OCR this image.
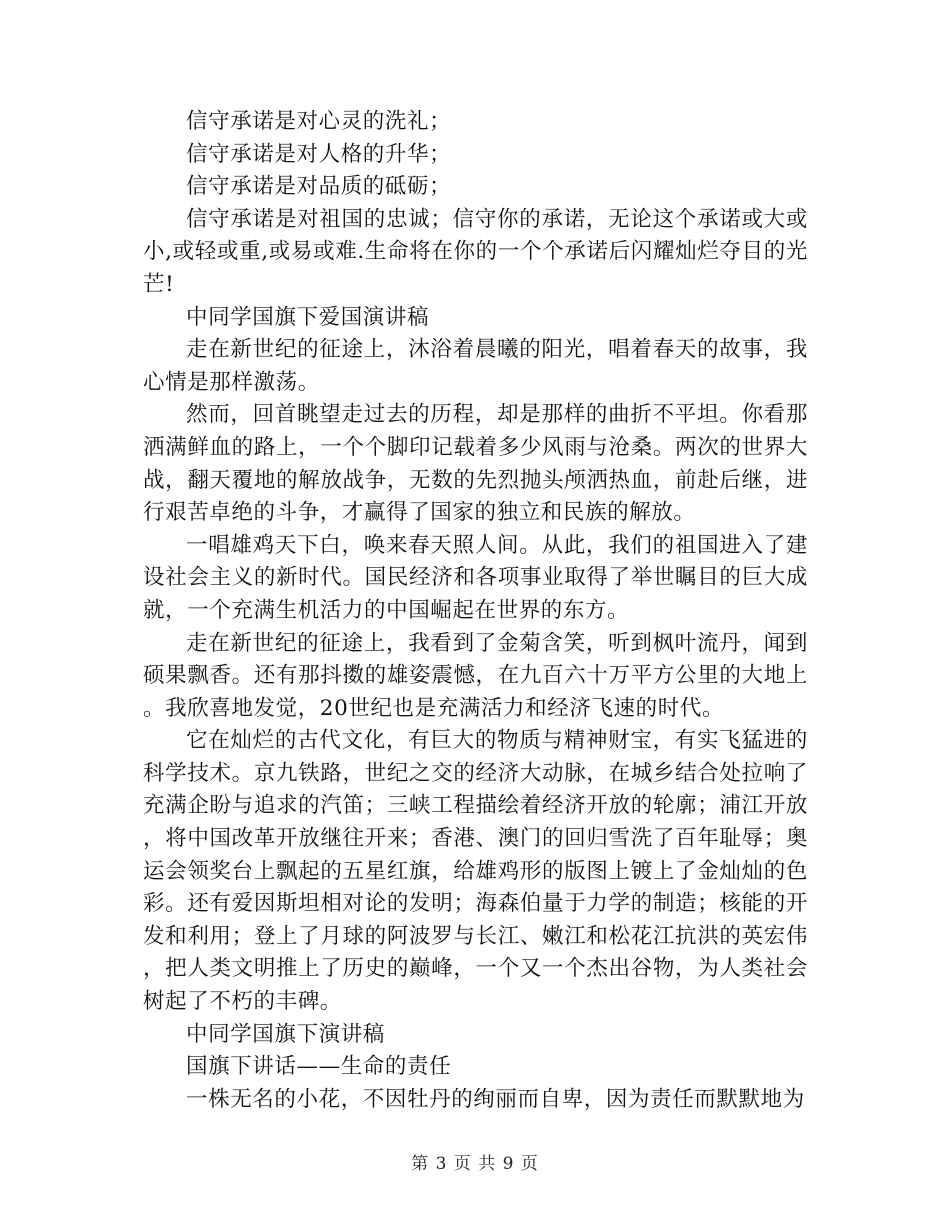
信守承诺是对心灵的洗礼；

信守承诺是对人格的升华；

信守承诺是对品质的砥砺；

信守承诺是对祖国的忠诚；信守你的承诺，无论这个承诺或大或小,或轻或重,或易或难.生命将在你的一个个承诺后闪耀灿烂夺目的光芒!

中同学国旗下爱国演讲稿

走在新世纪的征途上，沐浴着晨曦的阳光，唱着春天的故事，我心情是那样激荡。

然而，回首眺望走过去的历程，却是那样的曲折不平坦。你看那洒满鲜血的路上，一个个脚印记载着多少风雨与沧桑。两次的世界大战，翻天覆地的解放战争，无数的先烈抛头颅洒热血，前赴后继，进行艰苦卓绝的斗争，才赢得了国家的独立和民族的解放。

一唱雄鸡天下白，唤来春天照人间。从此，我们的祖国进入了建设社会主义的新时代。国民经济和各项事业取得了举世瞩目的巨大成就，一个充满生机活力的中国崛起在世界的东方。

走在新世纪的征途上，我看到了金菊含笑，听到枫叶流丹，闻到硕果飘香。还有那抖擞的雄姿震憾，在九百六十万平方公里的大地上。我欣喜地发觉，20世纪也是充满活力和经济飞速的时代。

它在灿烂的古代文化，有巨大的物质与精神财宝，有实飞猛进的科学技术。京九铁路，世纪之交的经济大动脉，在城乡结合处拉响了充满企盼与追求的汽笛；三峡工程描绘着经济开放的轮廓；浦江开放，将中国改革开放继往开来；香港、澳门的回归雪洗了百年耻辱；奥运会领奖台上飘起的五星红旗，给雄鸡形的版图上镀上了金灿灿的色彩。还有爱因斯坦相对论的发明；海森伯量于力学的制造；核能的开发和利用；登上了月球的阿波罗与长江、嫩江和松花江抗洪的英宏伟，把人类文明推上了历史的巅峰，一个又一个杰出谷物，为人类社会树起了不朽的丰碑。

中同学国旗下演讲稿

国旗下讲话——生命的责任

一株无名的小花，不因牡丹的绚丽而自卑，因为责任而默默地为

第 3 页 共 9 页
